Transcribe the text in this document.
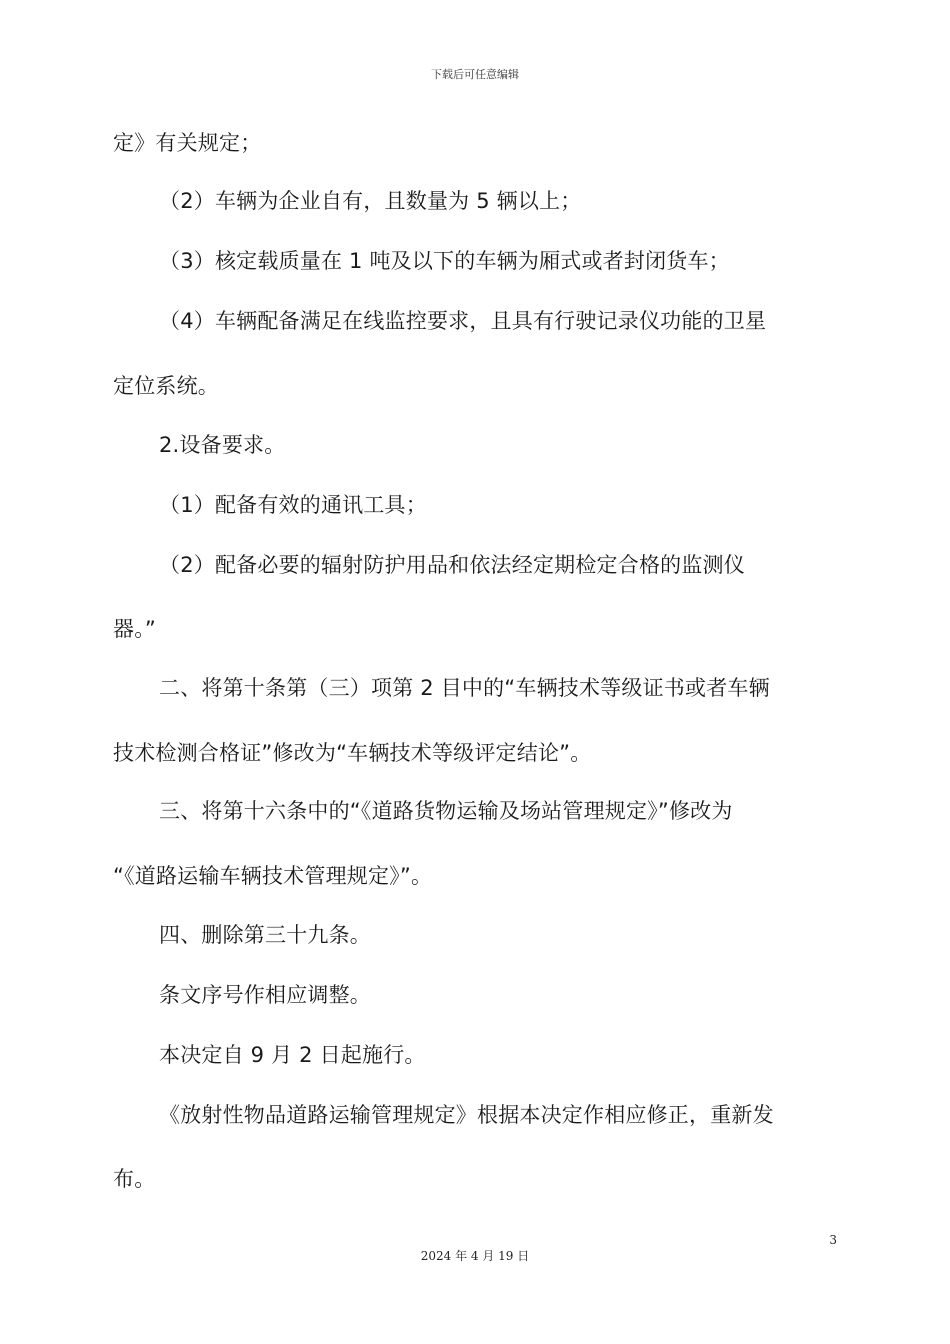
下载后可任意编辑
定》有关规定；
（2）车辆为企业自有，且数量为 5 辆以上；
（3）核定载质量在 1 吨及以下的车辆为厢式或者封闭货车；
（4）车辆配备满足在线监控要求，且具有行驶记录仪功能的卫星
定位系统。
2.设备要求。
（1）配备有效的通讯工具；
（2）配备必要的辐射防护用品和依法经定期检定合格的监测仪
器。”
二、将第十条第（三）项第 2 目中的“车辆技术等级证书或者车辆
技术检测合格证”修改为“车辆技术等级评定结论”。
三、将第十六条中的“《道路货物运输及场站管理规定》”修改为
“《道路运输车辆技术管理规定》”。
四、删除第三十九条。
条文序号作相应调整。
本决定自 9 月 2 日起施行。
《放射性物品道路运输管理规定》根据本决定作相应修正，重新发
布。
3
2024 年 4 月 19 日
